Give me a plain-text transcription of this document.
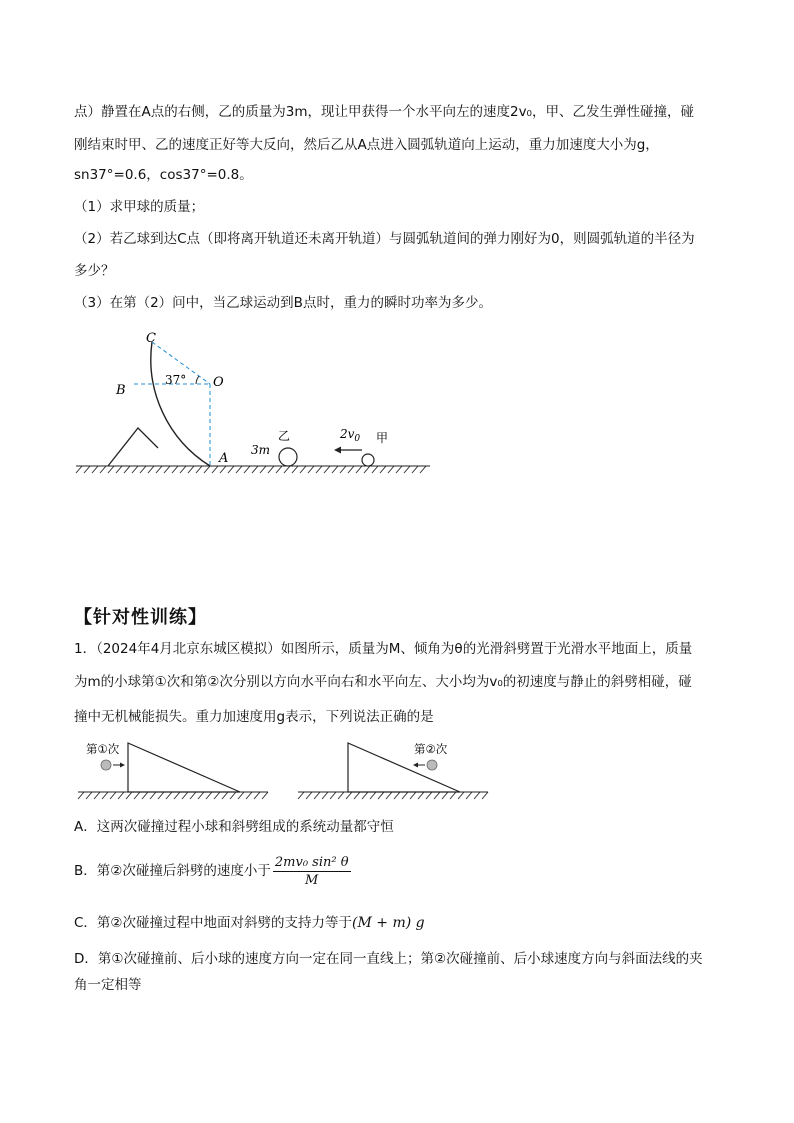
点）静置在A点的右侧，乙的质量为3m，现让甲获得一个水平向左的速度2v₀，甲、乙发生弹性碰撞，碰
刚结束时甲、乙的速度正好等大反向，然后乙从A点进入圆弧轨道向上运动，重力加速度大小为g，
sn37°=0.6，cos37°=0.8。
（1）求甲球的质量；
（2）若乙球到达C点（即将离开轨道还未离开轨道）与圆弧轨道间的弹力刚好为0，则圆弧轨道的半径为
多少？
（3）在第（2）问中，当乙球运动到B点时，重力的瞬时功率为多少。
C
B
O
A
37°
3m
乙	$2v_0$ 甲
【针对性训练】
1．（2024年4月北京东城区模拟）如图所示，质量为M、倾角为θ的光滑斜劈置于光滑水平地面上，质量
为m的小球第①次和第②次分别以方向水平向右和水平向左、大小均为v₀的初速度与静止的斜劈相碰，碰
撞中无机械能损失。重力加速度用g表示，下列说法正确的是
第①次	第②次
A．这两次碰撞过程小球和斜劈组成的系统动量都守恒
B．第②次碰撞后斜劈的速度小于 $\frac{\text{2mv₀ sin² θ}}{M}$
C．第②次碰撞过程中地面对斜劈的支持力等于(M + m) g
D．第①次碰撞前、后小球的速度方向一定在同一直线上；第②次碰撞前、后小球速度方向与斜面法线的夹
角一定相等
